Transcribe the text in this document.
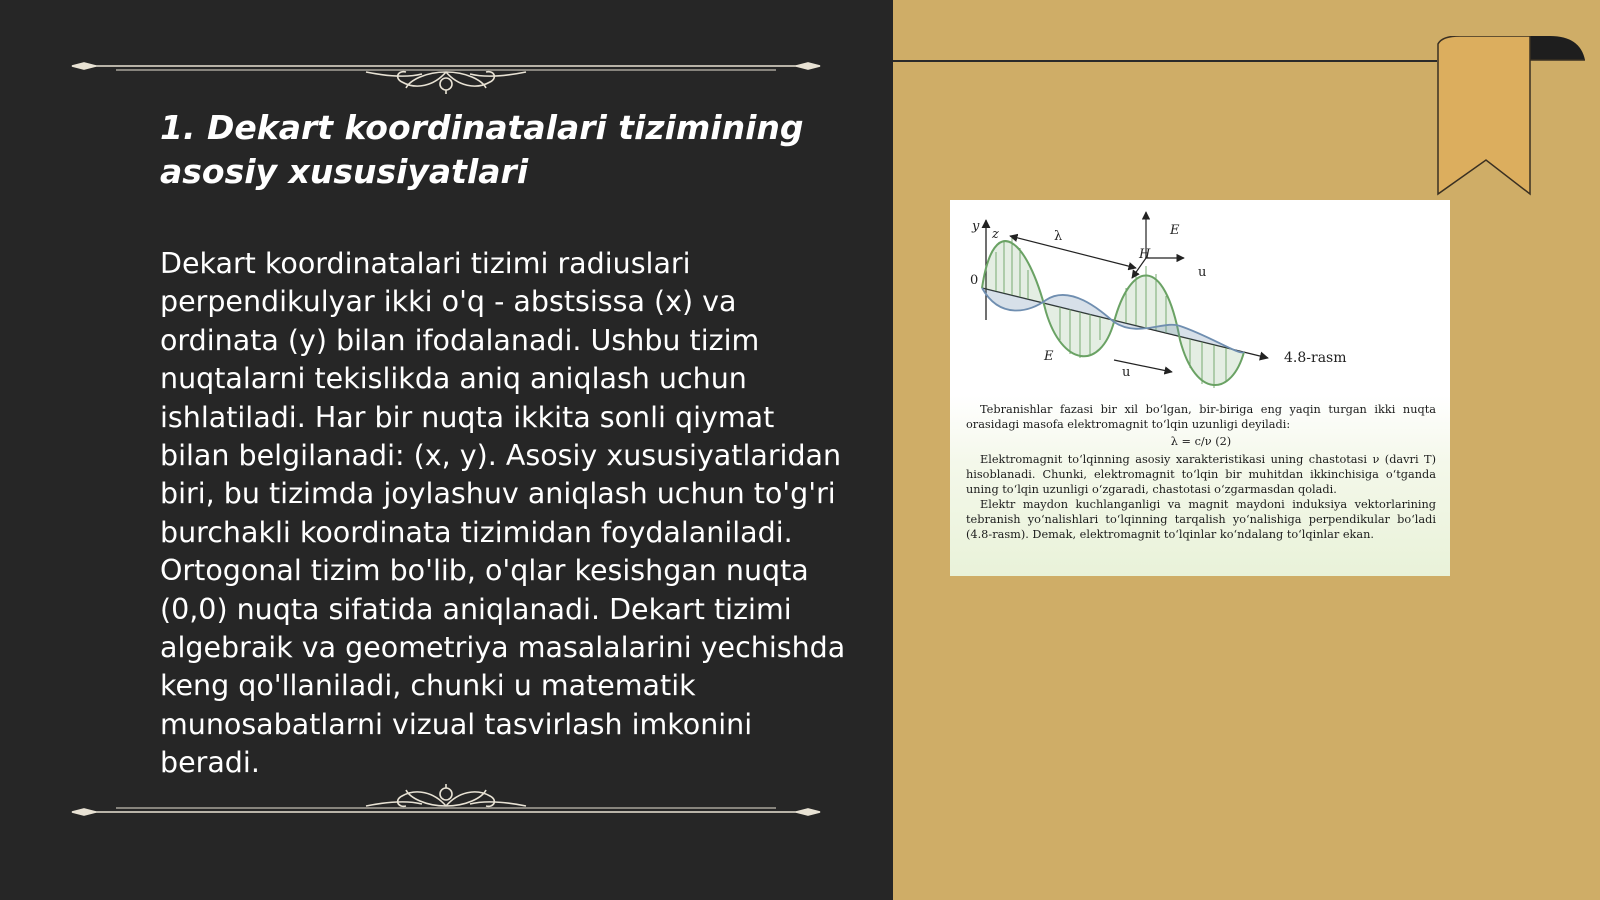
1. Dekart koordinatalari tizimining asosiy xususiyatlari

Dekart koordinatalari tizimi radiuslari perpendikulyar ikki o'q - abstsissa (x) va ordinata (y) bilan ifodalanadi. Ushbu tizim nuqtalarni tekislikda aniq aniqlash uchun ishlatiladi. Har bir nuqta ikkita sonli qiymat bilan belgilanadi: (x, y). Asosiy xususiyatlaridan biri, bu tizimda joylashuv aniqlash uchun to'g'ri burchakli koordinata tizimidan foydalaniladi. Ortogonal tizim bo'lib, o'qlar kesishgan nuqta (0,0) nuqta sifatida aniqlanadi. Dekart tizimi algebraik va geometriya masalalarini yechishda keng qo'llaniladi, chunki u matematik munosabatlarni vizual tasvirlash imkonini beradi.

y
z
0
λ
H
E
u
E
u
4.8-rasm

Tebranishlar fazasi bir xil bo‘lgan, bir-biriga eng yaqin turgan ikki nuqta orasidagi masofa elektromagnit to‘lqin uzunligi deyiladi:

λ = c/ν (2)

Elektromagnit to‘lqinning asosiy xarakteristikasi uning chastotasi ν (davri T) hisoblanadi. Chunki, elektromagnit to‘lqin bir muhitdan ikkinchisiga o‘tganda uning to‘lqin uzunligi o‘zgaradi, chastotasi o‘zgarmasdan qoladi.

Elektr maydon kuchlanganligi va magnit maydoni induksiya vektorlarining tebranish yo‘nalishlari to‘lqinning tarqalish yo‘nalishiga perpendikular bo‘ladi (4.8-rasm). Demak, elektromagnit to‘lqinlar ko‘ndalang to‘lqinlar ekan.
